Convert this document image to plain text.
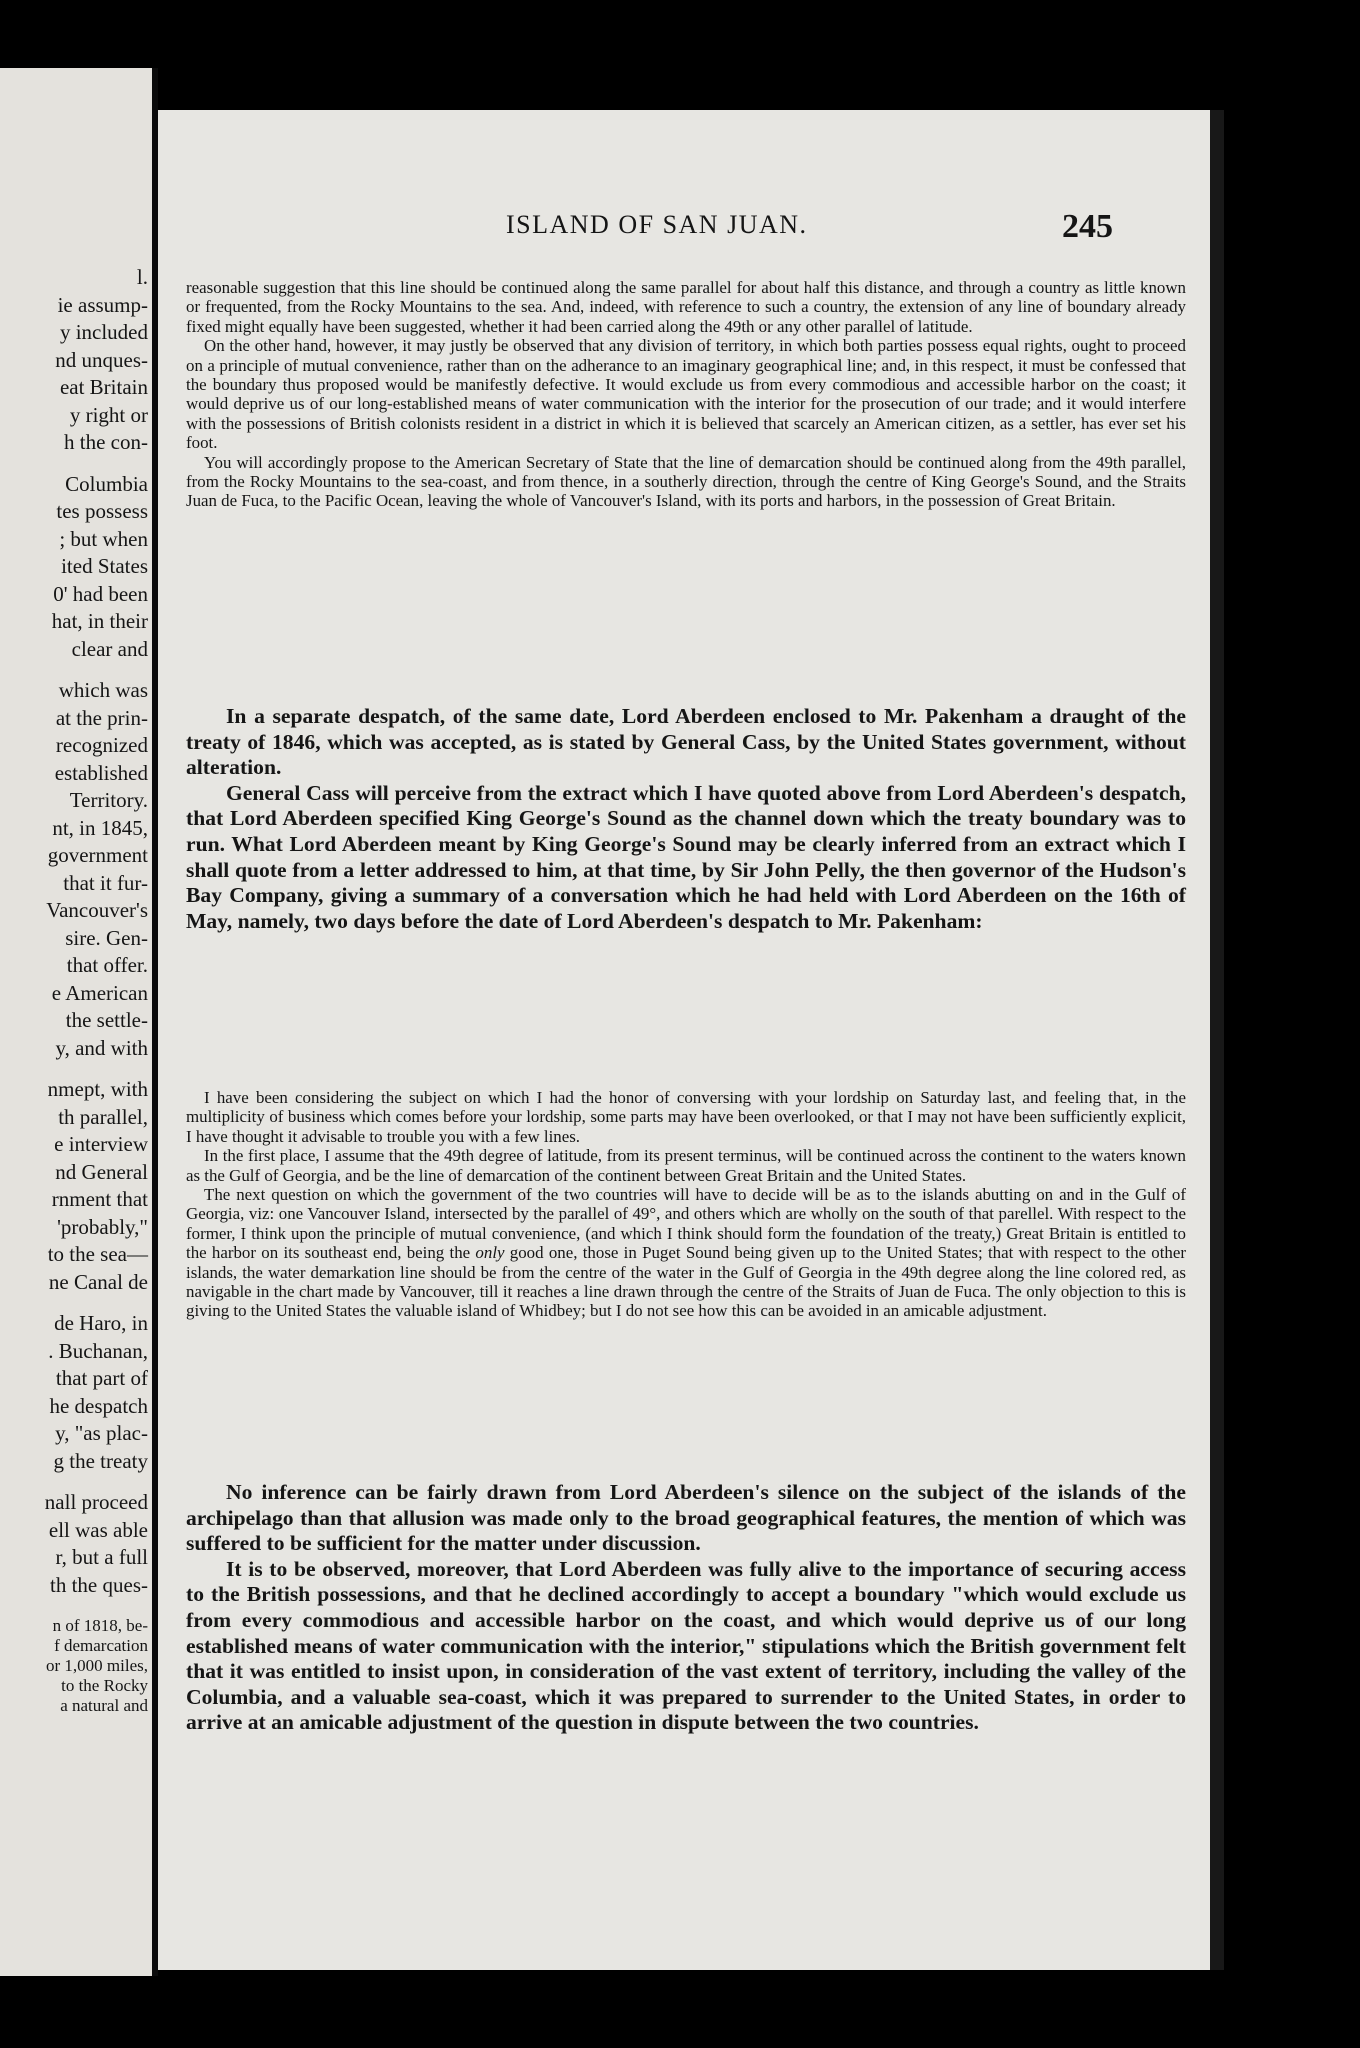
l.
ie assump-
y included
nd unques-
eat Britain
y right or
h the con-
Columbia
tes possess
; but when
ited States
0' had been
hat, in their
clear and
which was
at the prin-
recognized
established
Territory.
nt, in 1845,
government
that it fur-
Vancouver's
sire. Gen-
that offer.
e American
the settle-
y, and with
nmept, with
th parallel,
e interview
nd General
rnment that
'probably,"
to the sea—
ne Canal de
de Haro, in
. Buchanan,
that part of
he despatch
y, "as plac-
g the treaty
nall proceed
ell was able
r, but a full
th the ques-
n of 1818, be-
f demarcation
or 1,000 miles,
to the Rocky
a natural and
ISLAND OF SAN JUAN.	245

reasonable suggestion that this line should be continued along the same parallel for about half this distance, and through a country as little known or frequented, from the Rocky Mountains to the sea. And, indeed, with reference to such a country, the extension of any line of boundary already fixed might equally have been suggested, whether it had been carried along the 49th or any other parallel of latitude.

On the other hand, however, it may justly be observed that any division of territory, in which both parties possess equal rights, ought to proceed on a principle of mutual convenience, rather than on the adherance to an imaginary geographical line; and, in this respect, it must be confessed that the boundary thus proposed would be manifestly defective. It would exclude us from every commodious and accessible harbor on the coast; it would deprive us of our long-established means of water communication with the interior for the prosecution of our trade; and it would interfere with the possessions of British colonists resident in a district in which it is believed that scarcely an American citizen, as a settler, has ever set his foot.

You will accordingly propose to the American Secretary of State that the line of demarcation should be continued along from the 49th parallel, from the Rocky Mountains to the sea-coast, and from thence, in a southerly direction, through the centre of King George's Sound, and the Straits Juan de Fuca, to the Pacific Ocean, leaving the whole of Vancouver's Island, with its ports and harbors, in the possession of Great Britain.

In a separate despatch, of the same date, Lord Aberdeen enclosed to Mr. Pakenham a draught of the treaty of 1846, which was accepted, as is stated by General Cass, by the United States government, without alteration.

General Cass will perceive from the extract which I have quoted above from Lord Aberdeen's despatch, that Lord Aberdeen specified King George's Sound as the channel down which the treaty boundary was to run. What Lord Aberdeen meant by King George's Sound may be clearly inferred from an extract which I shall quote from a letter addressed to him, at that time, by Sir John Pelly, the then governor of the Hudson's Bay Company, giving a summary of a conversation which he had held with Lord Aberdeen on the 16th of May, namely, two days before the date of Lord Aberdeen's despatch to Mr. Pakenham:

I have been considering the subject on which I had the honor of conversing with your lordship on Saturday last, and feeling that, in the multiplicity of business which comes before your lordship, some parts may have been overlooked, or that I may not have been sufficiently explicit, I have thought it advisable to trouble you with a few lines.

In the first place, I assume that the 49th degree of latitude, from its present terminus, will be continued across the continent to the waters known as the Gulf of Georgia, and be the line of demarcation of the continent between Great Britain and the United States.

The next question on which the government of the two countries will have to decide will be as to the islands abutting on and in the Gulf of Georgia, viz: one Vancouver Island, intersected by the parallel of 49°, and others which are wholly on the south of that parellel. With respect to the former, I think upon the principle of mutual convenience, (and which I think should form the foundation of the treaty,) Great Britain is entitled to the harbor on its southeast end, being the only good one, those in Puget Sound being given up to the United States; that with respect to the other islands, the water demarkation line should be from the centre of the water in the Gulf of Georgia in the 49th degree along the line colored red, as navigable in the chart made by Vancouver, till it reaches a line drawn through the centre of the Straits of Juan de Fuca. The only objection to this is giving to the United States the valuable island of Whidbey; but I do not see how this can be avoided in an amicable adjustment.

No inference can be fairly drawn from Lord Aberdeen's silence on the subject of the islands of the archipelago than that allusion was made only to the broad geographical features, the mention of which was suffered to be sufficient for the matter under discussion.

It is to be observed, moreover, that Lord Aberdeen was fully alive to the importance of securing access to the British possessions, and that he declined accordingly to accept a boundary "which would exclude us from every commodious and accessible harbor on the coast, and which would deprive us of our long established means of water communication with the interior," stipulations which the British government felt that it was entitled to insist upon, in consideration of the vast extent of territory, including the valley of the Columbia, and a valuable sea-coast, which it was prepared to surrender to the United States, in order to arrive at an amicable adjustment of the question in dispute between the two countries.
